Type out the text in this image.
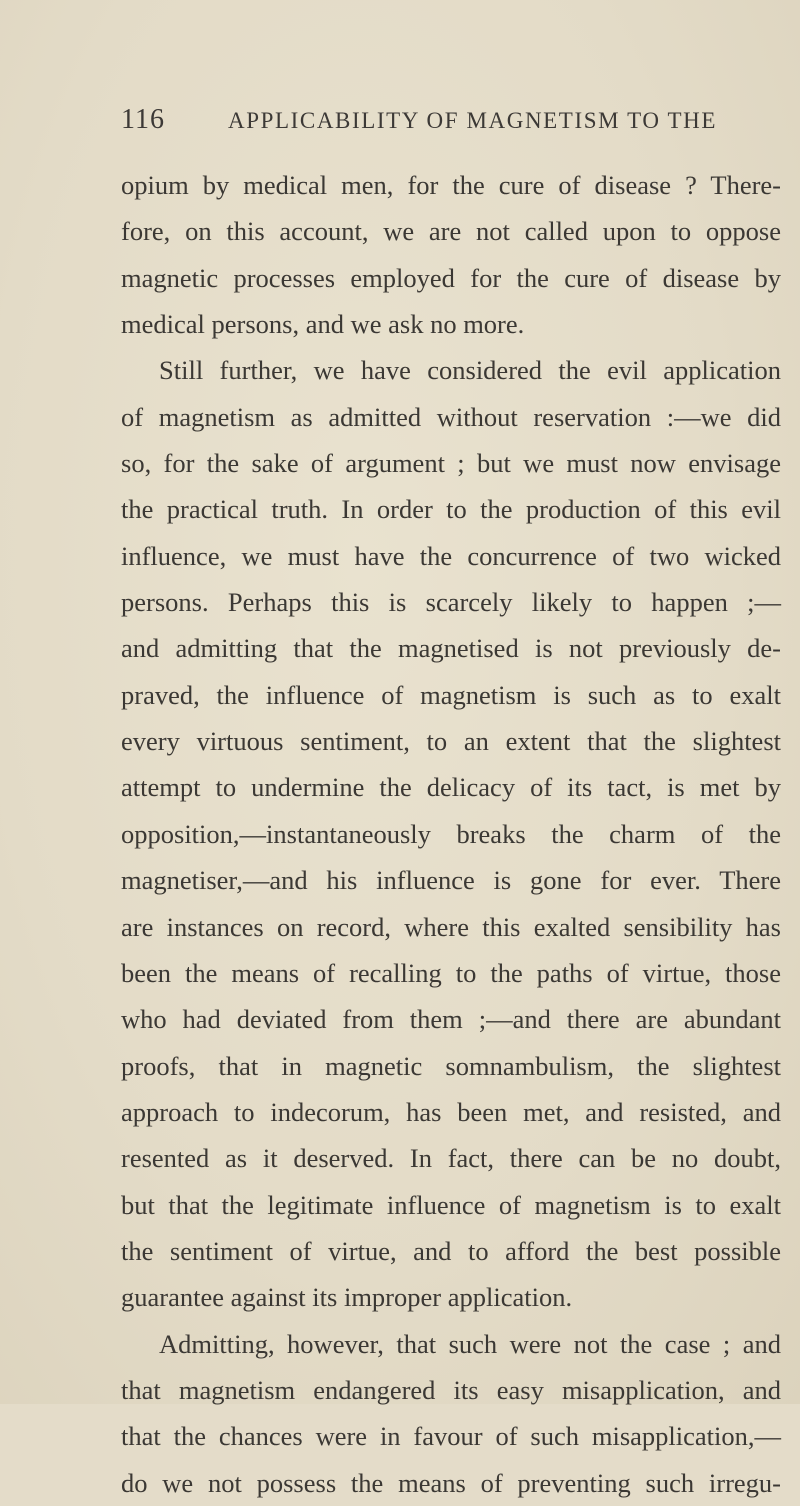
116	APPLICABILITY OF MAGNETISM TO THE
opium by medical men, for the cure of disease ? There-
fore, on this account, we are not called upon to oppose
magnetic processes employed for the cure of disease by
medical persons, and we ask no more.
Still further, we have considered the evil application
of magnetism as admitted without reservation :—we did
so, for the sake of argument ; but we must now envisage
the practical truth. In order to the production of this evil
influence, we must have the concurrence of two wicked
persons. Perhaps this is scarcely likely to happen ;—
and admitting that the magnetised is not previously de-
praved, the influence of magnetism is such as to exalt
every virtuous sentiment, to an extent that the slightest
attempt to undermine the delicacy of its tact, is met by
opposition,—instantaneously breaks the charm of the
magnetiser,—and his influence is gone for ever. There
are instances on record, where this exalted sensibility has
been the means of recalling to the paths of virtue, those
who had deviated from them ;—and there are abundant
proofs, that in magnetic somnambulism, the slightest
approach to indecorum, has been met, and resisted, and
resented as it deserved. In fact, there can be no doubt,
but that the legitimate influence of magnetism is to exalt
the sentiment of virtue, and to afford the best possible
guarantee against its improper application.
Admitting, however, that such were not the case ; and
that magnetism endangered its easy misapplication, and
that the chances were in favour of such misapplication,—
do we not possess the means of preventing such irregu-
